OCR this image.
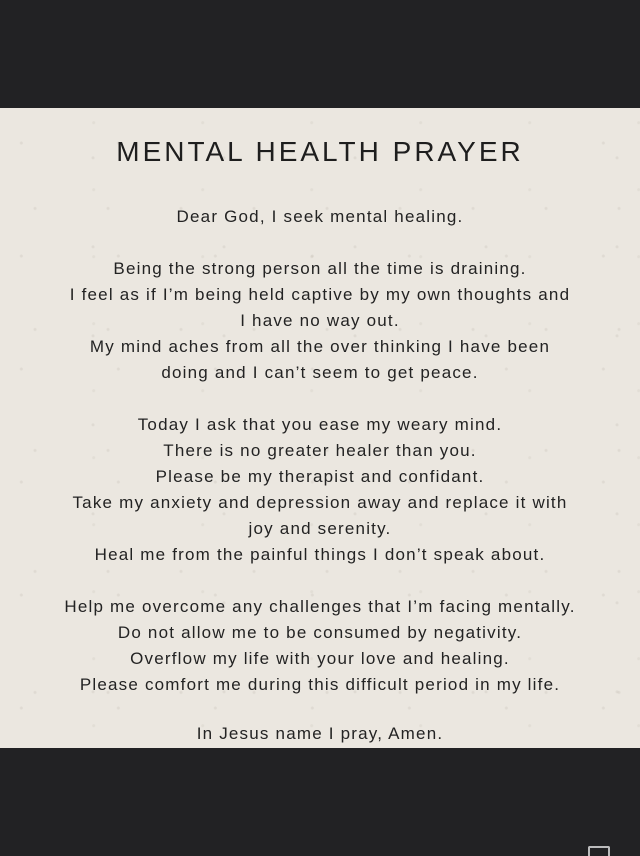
MENTAL HEALTH PRAYER
Dear God, I seek mental healing.
Being the strong person all the time is draining.
I feel as if I’m being held captive by my own thoughts and
I have no way out.
My mind aches from all the over thinking I have been
doing and I can’t seem to get peace.
Today I ask that you ease my weary mind.
There is no greater healer than you.
Please be my therapist and confidant.
Take my anxiety and depression away and replace it with
joy and serenity.
Heal me from the painful things I don’t speak about.
Help me overcome any challenges that I’m facing mentally.
Do not allow me to be consumed by negativity.
Overflow my life with your love and healing.
Please comfort me during this difficult period in my life.
In Jesus name I pray, Amen.
